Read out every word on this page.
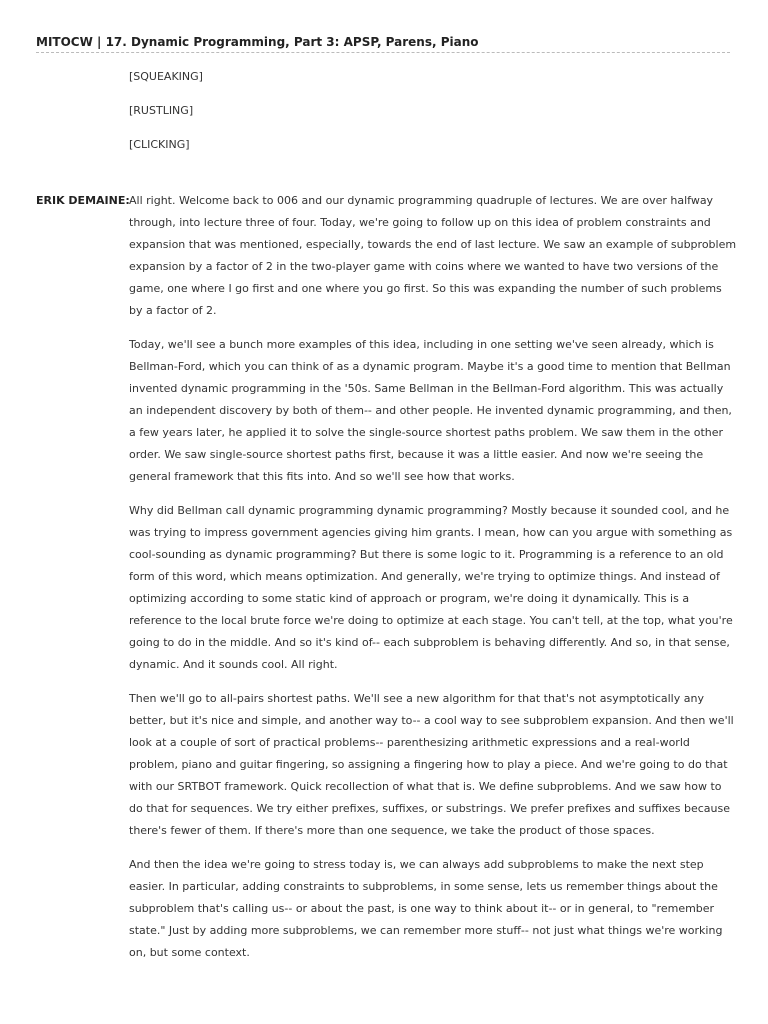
MITOCW | 17. Dynamic Programming, Part 3: APSP, Parens, Piano

[SQUEAKING]

[RUSTLING]

[CLICKING]

ERIK DEMAINE: All right. Welcome back to 006 and our dynamic programming quadruple of lectures. We are over halfway through, into lecture three of four. Today, we're going to follow up on this idea of problem constraints and expansion that was mentioned, especially, towards the end of last lecture. We saw an example of subproblem expansion by a factor of 2 in the two-player game with coins where we wanted to have two versions of the game, one where I go first and one where you go first. So this was expanding the number of such problems by a factor of 2.

Today, we'll see a bunch more examples of this idea, including in one setting we've seen already, which is Bellman-Ford, which you can think of as a dynamic program. Maybe it's a good time to mention that Bellman invented dynamic programming in the '50s. Same Bellman in the Bellman-Ford algorithm. This was actually an independent discovery by both of them-- and other people. He invented dynamic programming, and then, a few years later, he applied it to solve the single-source shortest paths problem. We saw them in the other order. We saw single-source shortest paths first, because it was a little easier. And now we're seeing the general framework that this fits into. And so we'll see how that works.

Why did Bellman call dynamic programming dynamic programming? Mostly because it sounded cool, and he was trying to impress government agencies giving him grants. I mean, how can you argue with something as cool-sounding as dynamic programming? But there is some logic to it. Programming is a reference to an old form of this word, which means optimization. And generally, we're trying to optimize things. And instead of optimizing according to some static kind of approach or program, we're doing it dynamically. This is a reference to the local brute force we're doing to optimize at each stage. You can't tell, at the top, what you're going to do in the middle. And so it's kind of-- each subproblem is behaving differently. And so, in that sense, dynamic. And it sounds cool. All right.

Then we'll go to all-pairs shortest paths. We'll see a new algorithm for that that's not asymptotically any better, but it's nice and simple, and another way to-- a cool way to see subproblem expansion. And then we'll look at a couple of sort of practical problems-- parenthesizing arithmetic expressions and a real-world problem, piano and guitar fingering, so assigning a fingering how to play a piece. And we're going to do that with our SRTBOT framework. Quick recollection of what that is. We define subproblems. And we saw how to do that for sequences. We try either prefixes, suffixes, or substrings. We prefer prefixes and suffixes because there's fewer of them. If there's more than one sequence, we take the product of those spaces.

And then the idea we're going to stress today is, we can always add subproblems to make the next step easier. In particular, adding constraints to subproblems, in some sense, lets us remember things about the subproblem that's calling us-- or about the past, is one way to think about it-- or in general, to "remember state." Just by adding more subproblems, we can remember more stuff-- not just what things we're working on, but some context.
